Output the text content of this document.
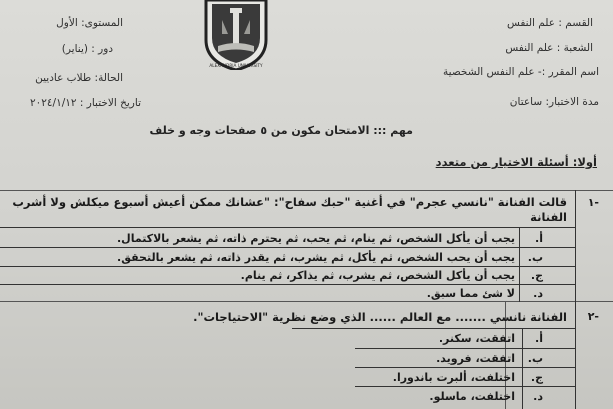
القسم : علم النفس
الشعبة : علم النفس
اسم المقرر :- علم النفس الشخصية
مدة الاختبار: ساعتان
المستوى: الأول
دور : (يناير)
الحالة: طلاب عاديين
تاريخ الاختبار : ٢٠٢٤/١/١٢
ALEXANDRIA UNIVERSITY
مهم ::: الامتحان مكون من ٥ صفحات وجه و خلف
أولا: أسئلة الاختيار من متعدد
-١
قالت الفنانة "نانسي عجرم" في أغنية "حبك سفاح": "عشانك ممكن أعيش أسبوع ميكلش ولا أشرب
الفنانة
أ.
يجب أن يأكل الشخص، ثم ينام، ثم يحب، ثم يحترم ذاته، ثم يشعر بالاكتمال.
ب.
يجب أن يحب الشخص، ثم يأكل، ثم يشرب، ثم يقدر ذاته، ثم يشعر بالتحقق.
ج.
يجب أن يأكل الشخص، ثم يشرب، ثم يذاكر، ثم ينام.
د.
لا شئ مما سبق.
-٢
الفنانة نانسي ....... مع العالم ...... الذي وضع نظرية "الاحتياجات".
أ.
اتفقت، سكنر.
ب.
اتفقت، فرويد.
ج.
اختلفت، ألبرت باندورا.
د.
اختلفت، ماسلو.
